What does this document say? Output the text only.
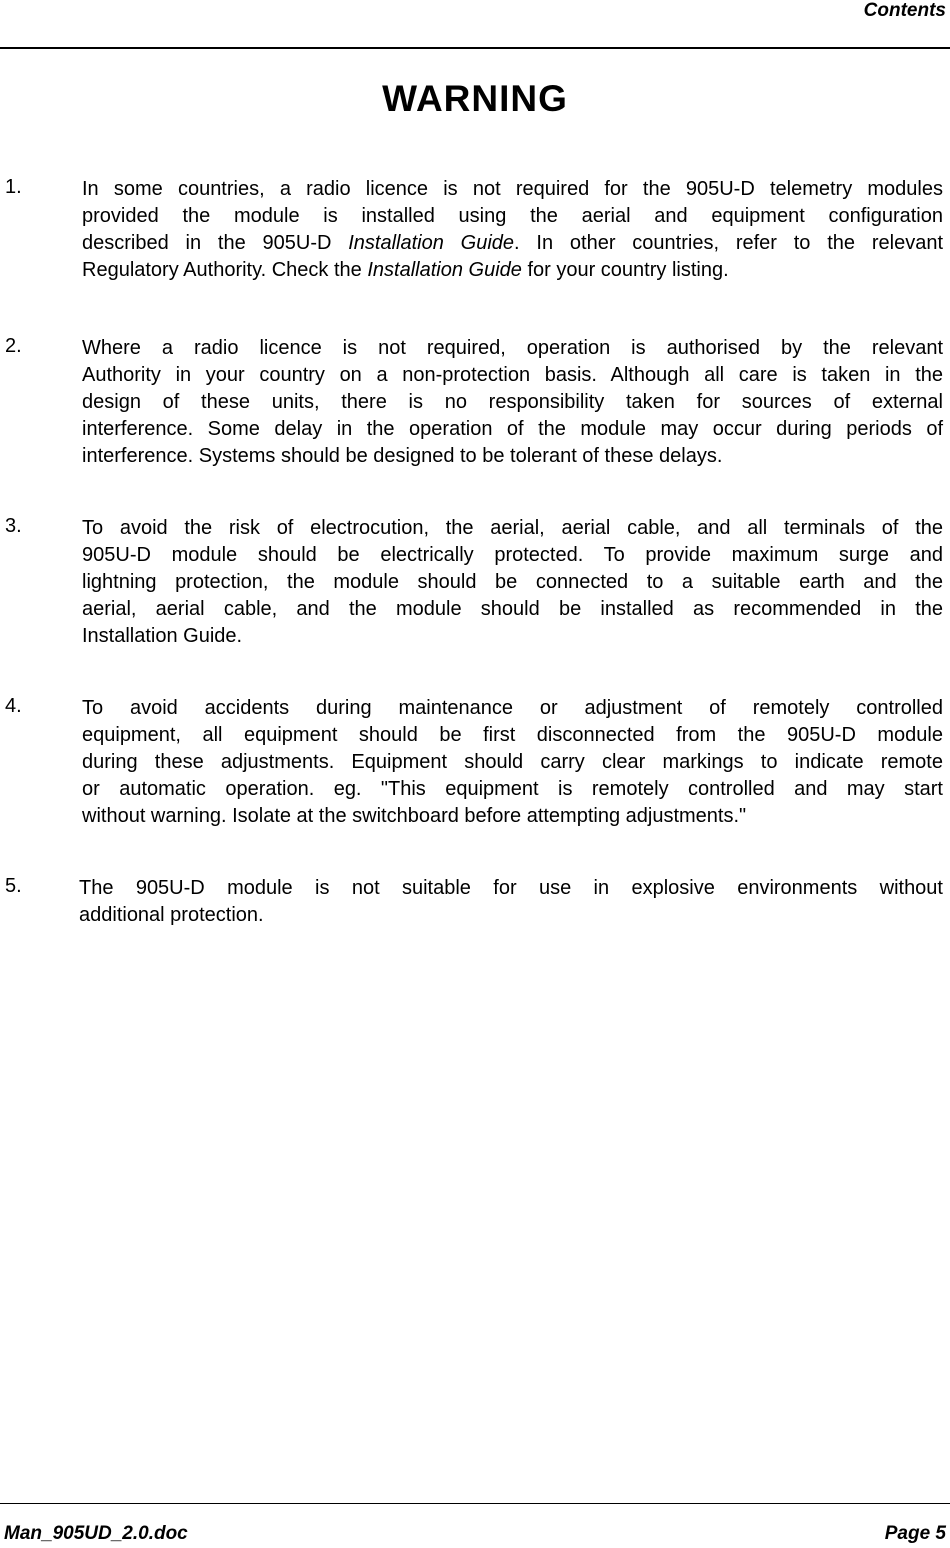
Contents
WARNING
1.	In some countries, a radio licence is not required for the 905U-D telemetry modules
provided the module is installed using the aerial and equipment configuration
described in the 905U-D Installation Guide. In other countries, refer to the relevant
Regulatory Authority. Check the Installation Guide for your country listing.
2.	Where a radio licence is not required, operation is authorised by the relevant
Authority in your country on a non-protection basis. Although all care is taken in the
design of these units, there is no responsibility taken for sources of external
interference. Some delay in the operation of the module may occur during periods of
interference. Systems should be designed to be tolerant of these delays.
3.	To avoid the risk of electrocution, the aerial, aerial cable, and all terminals of the
905U-D module should be electrically protected. To provide maximum surge and
lightning protection, the module should be connected to a suitable earth and the
aerial, aerial cable, and the module should be installed as recommended in the
Installation Guide.
4.	To avoid accidents during maintenance or adjustment of remotely controlled
equipment, all equipment should be first disconnected from the 905U-D module
during these adjustments. Equipment should carry clear markings to indicate remote
or automatic operation. eg. "This equipment is remotely controlled and may start
without warning. Isolate at the switchboard before attempting adjustments."
5.	The 905U-D module is not suitable for use in explosive environments without
additional protection.
Man_905UD_2.0.doc	Page 5
